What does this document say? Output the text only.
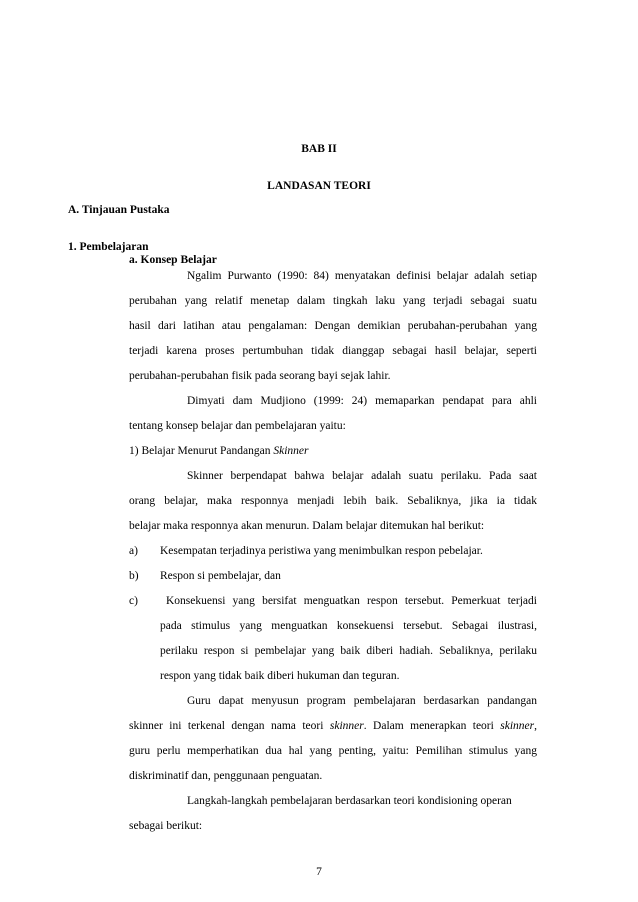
BAB II
LANDASAN TEORI
A. Tinjauan Pustaka
1. Pembelajaran
a. Konsep Belajar
Ngalim Purwanto (1990: 84) menyatakan definisi belajar adalah setiap
perubahan yang relatif menetap dalam tingkah laku yang terjadi sebagai suatu
hasil dari latihan atau pengalaman: Dengan demikian perubahan-perubahan yang
terjadi karena proses pertumbuhan tidak dianggap sebagai hasil belajar, seperti
perubahan-perubahan fisik pada seorang bayi sejak lahir.
Dimyati dam Mudjiono (1999: 24) memaparkan pendapat para ahli
tentang konsep belajar dan pembelajaran yaitu:
1) Belajar Menurut Pandangan Skinner
Skinner berpendapat bahwa belajar adalah suatu perilaku. Pada saat
orang belajar, maka responnya menjadi lebih baik. Sebaliknya, jika ia tidak
belajar maka responnya akan menurun. Dalam belajar ditemukan hal berikut:
a) Kesempatan terjadinya peristiwa yang menimbulkan respon pebelajar.
b) Respon si pembelajar, dan
c) Konsekuensi yang bersifat menguatkan respon tersebut. Pemerkuat terjadi
pada stimulus yang menguatkan konsekuensi tersebut. Sebagai ilustrasi,
perilaku respon si pembelajar yang baik diberi hadiah. Sebaliknya, perilaku
respon yang tidak baik diberi hukuman dan teguran.
Guru dapat menyusun program pembelajaran berdasarkan pandangan
skinner ini terkenal dengan nama teori skinner. Dalam menerapkan teori skinner,
guru perlu memperhatikan dua hal yang penting, yaitu: Pemilihan stimulus yang
diskriminatif dan, penggunaan penguatan.
Langkah-langkah pembelajaran berdasarkan teori kondisioning operan
sebagai berikut:
7
